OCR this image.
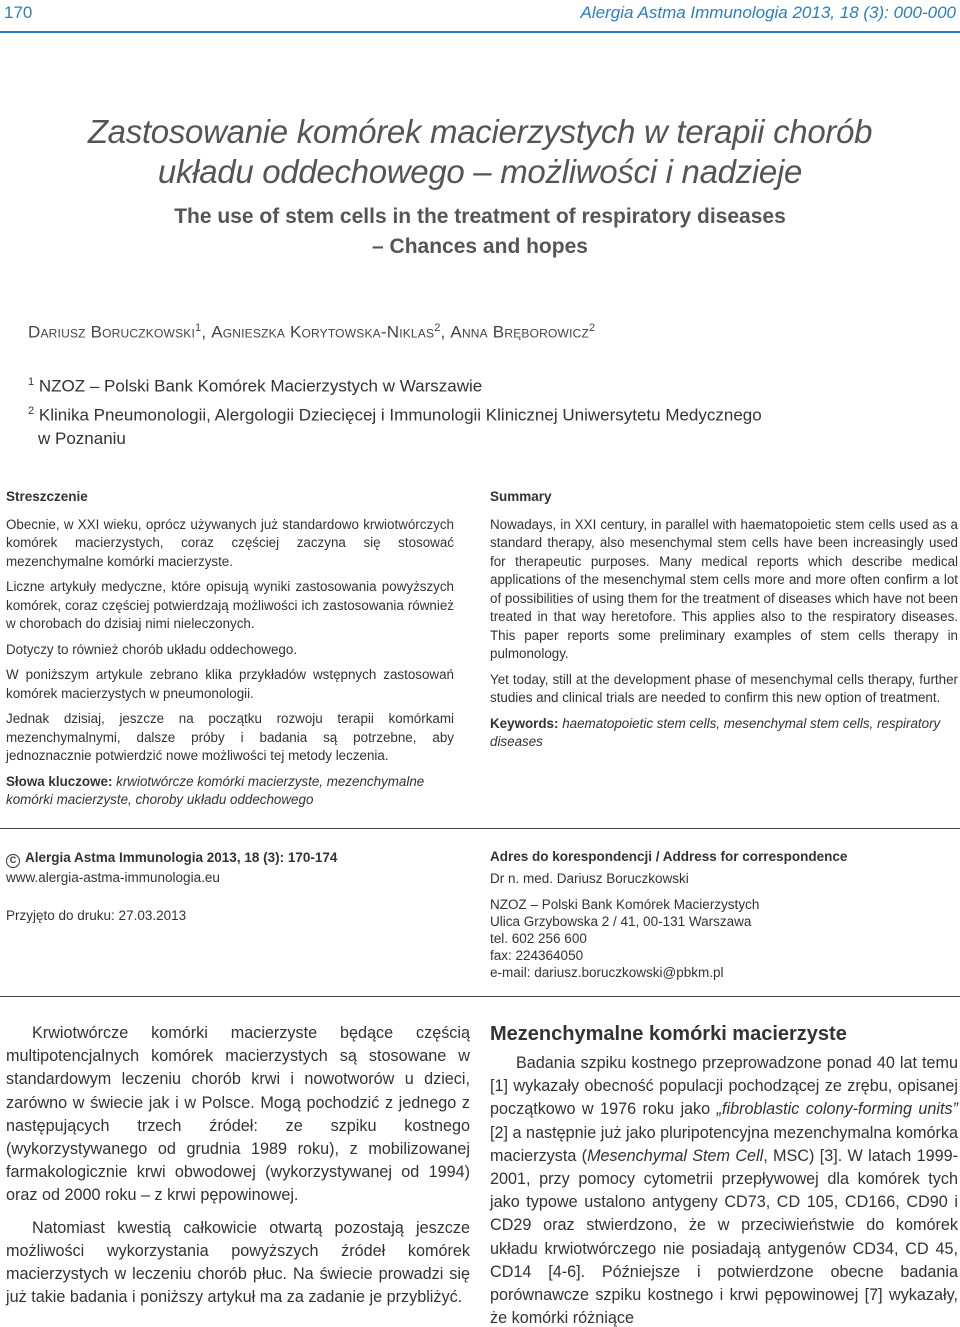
170	Alergia Astma Immunologia 2013, 18 (3): 000-000
Zastosowanie komórek macierzystych w terapii chorób
układu oddechowego – możliwości i nadzieje
The use of stem cells in the treatment of respiratory diseases
– Chances and hopes
Dariusz Boruczkowski$^1$, Agnieszka Korytowska-Niklas$^2$, Anna Bręborowicz$^2$
$^1$ NZOZ – Polski Bank Komórek Macierzystych w Warszawie
$^2$ Klinika Pneumonologii, Alergologii Dziecięcej i Immunologii Klinicznej Uniwersytetu Medycznego
w Poznaniu
Streszczenie

Obecnie, w XXI wieku, oprócz używanych już standardowo krwiotwórczych komórek macierzystych, coraz częściej zaczyna się stosować mezenchymalne komórki macierzyste.

Liczne artykuły medyczne, które opisują wyniki zastosowania powyższych komórek, coraz częściej potwierdzają możliwości ich zastosowania również w chorobach do dzisiaj nimi nieleczonych.

Dotyczy to również chorób układu oddechowego.

W poniższym artykule zebrano klika przykładów wstępnych zastosowań komórek macierzystych w pneumonologii.

Jednak dzisiaj, jeszcze na początku rozwoju terapii komórkami mezenchymalnymi, dalsze próby i badania są potrzebne, aby jednoznacznie potwierdzić nowe możliwości tej metody leczenia.

Słowa kluczowe: krwiotwórcze komórki macierzyste, mezenchymalne komórki macierzyste, choroby układu oddechowego

Summary

Nowadays, in XXI century, in parallel with haematopoietic stem cells used as a standard therapy, also mesenchymal stem cells have been increasingly used for therapeutic purposes. Many medical reports which describe medical applications of the mesenchymal stem cells more and more often confirm a lot of possibilities of using them for the treatment of diseases which have not been treated in that way heretofore. This applies also to the respiratory diseases. This paper reports some preliminary examples of stem cells therapy in pulmonology.

Yet today, still at the development phase of mesenchymal cells therapy, further studies and clinical trials are needed to confirm this new option of treatment.

Keywords: haematopoietic stem cells, mesenchymal stem cells, respiratory diseases

C Alergia Astma Immunologia 2013, 18 (3): 170-174
www.alergia-astma-immunologia.eu
Przyjęto do druku: 27.03.2013
Adres do korespondencji / Address for correspondence
Dr n. med. Dariusz Boruczkowski
NZOZ – Polski Bank Komórek Macierzystych
Ulica Grzybowska 2 / 41, 00-131 Warszawa
tel. 602 256 600
fax: 224364050
e-mail: dariusz.boruczkowski@pbkm.pl

Krwiotwórcze komórki macierzyste będące częścią multipotencjalnych komórek macierzystych są stosowane w standardowym leczeniu chorób krwi i nowotworów u dzieci, zarówno w świecie jak i w Polsce. Mogą pochodzić z jednego z następujących trzech źródeł: ze szpiku kostnego (wykorzystywanego od grudnia 1989 roku), z mobilizowanej farmakologicznie krwi obwodowej (wykorzystywanej od 1994) oraz od 2000 roku – z krwi pępowinowej.

Natomiast kwestią całkowicie otwartą pozostają jeszcze możliwości wykorzystania powyższych źródeł komórek macierzystych w leczeniu chorób płuc. Na świecie prowadzi się już takie badania i poniższy artykuł ma za zadanie je przybliżyć.

Mezenchymalne komórki macierzyste

Badania szpiku kostnego przeprowadzone ponad 40 lat temu [1] wykazały obecność populacji pochodzącej ze zrębu, opisanej początkowo w 1976 roku jako „fibroblastic colony-forming units” [2] a następnie już jako pluripotencyjna mezenchymalna komórka macierzysta (Mesenchymal Stem Cell, MSC) [3]. W latach 1999-2001, przy pomocy cytometrii przepływowej dla komórek tych jako typowe ustalono antygeny CD73, CD 105, CD166, CD90 i CD29 oraz stwierdzono, że w przeciwieństwie do komórek układu krwiotwórczego nie posiadają antygenów CD34, CD 45, CD14 [4-6]. Późniejsze i potwierdzone obecne badania porównawcze szpiku kostnego i krwi pępowinowej [7] wykazały, że komórki różniące
